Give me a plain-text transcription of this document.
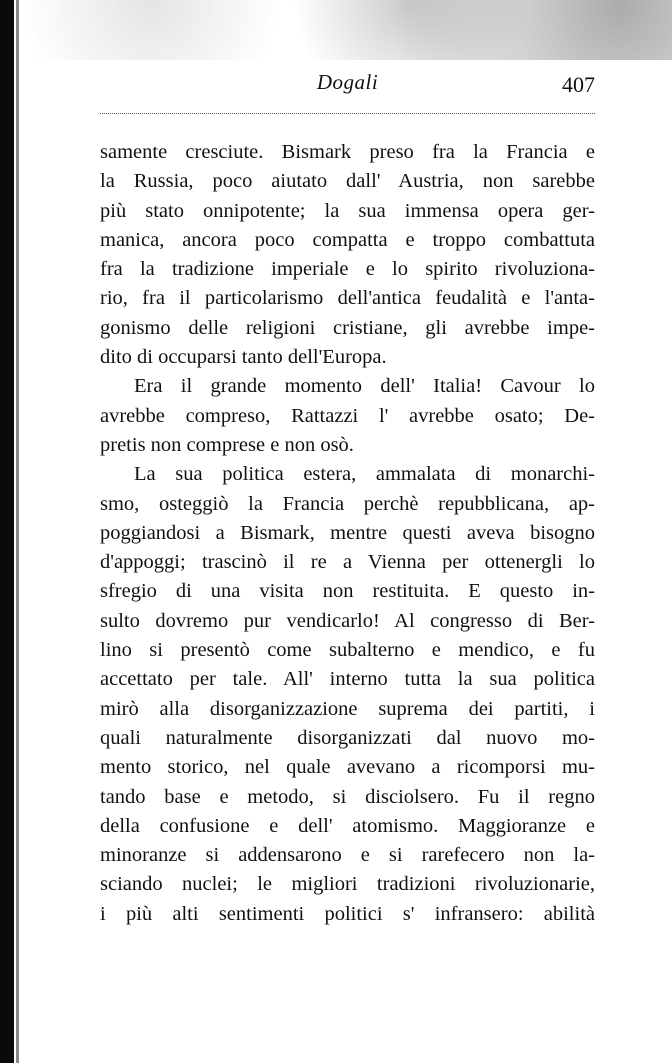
Dogali	407
samente cresciute. Bismark preso fra la Francia e
la Russia, poco aiutato dall' Austria, non sarebbe
più stato onnipotente; la sua immensa opera ger-
manica, ancora poco compatta e troppo combattuta
fra la tradizione imperiale e lo spirito rivoluziona-
rio, fra il particolarismo dell'antica feudalità e l'anta-
gonismo delle religioni cristiane, gli avrebbe impe-
dito di occuparsi tanto dell'Europa.
Era il grande momento dell' Italia! Cavour lo
avrebbe compreso, Rattazzi l' avrebbe osato; De-
pretis non comprese e non osò.
La sua politica estera, ammalata di monarchi-
smo, osteggiò la Francia perchè repubblicana, ap-
poggiandosi a Bismark, mentre questi aveva bisogno
d'appoggi; trascinò il re a Vienna per ottenergli lo
sfregio di una visita non restituita. E questo in-
sulto dovremo pur vendicarlo! Al congresso di Ber-
lino si presentò come subalterno e mendico, e fu
accettato per tale. All' interno tutta la sua politica
mirò alla disorganizzazione suprema dei partiti, i
quali naturalmente disorganizzati dal nuovo mo-
mento storico, nel quale avevano a ricomporsi mu-
tando base e metodo, si disciolsero. Fu il regno
della confusione e dell' atomismo. Maggioranze e
minoranze si addensarono e si rarefecero non la-
sciando nuclei; le migliori tradizioni rivoluzionarie,
i più alti sentimenti politici s' infransero: abilità
